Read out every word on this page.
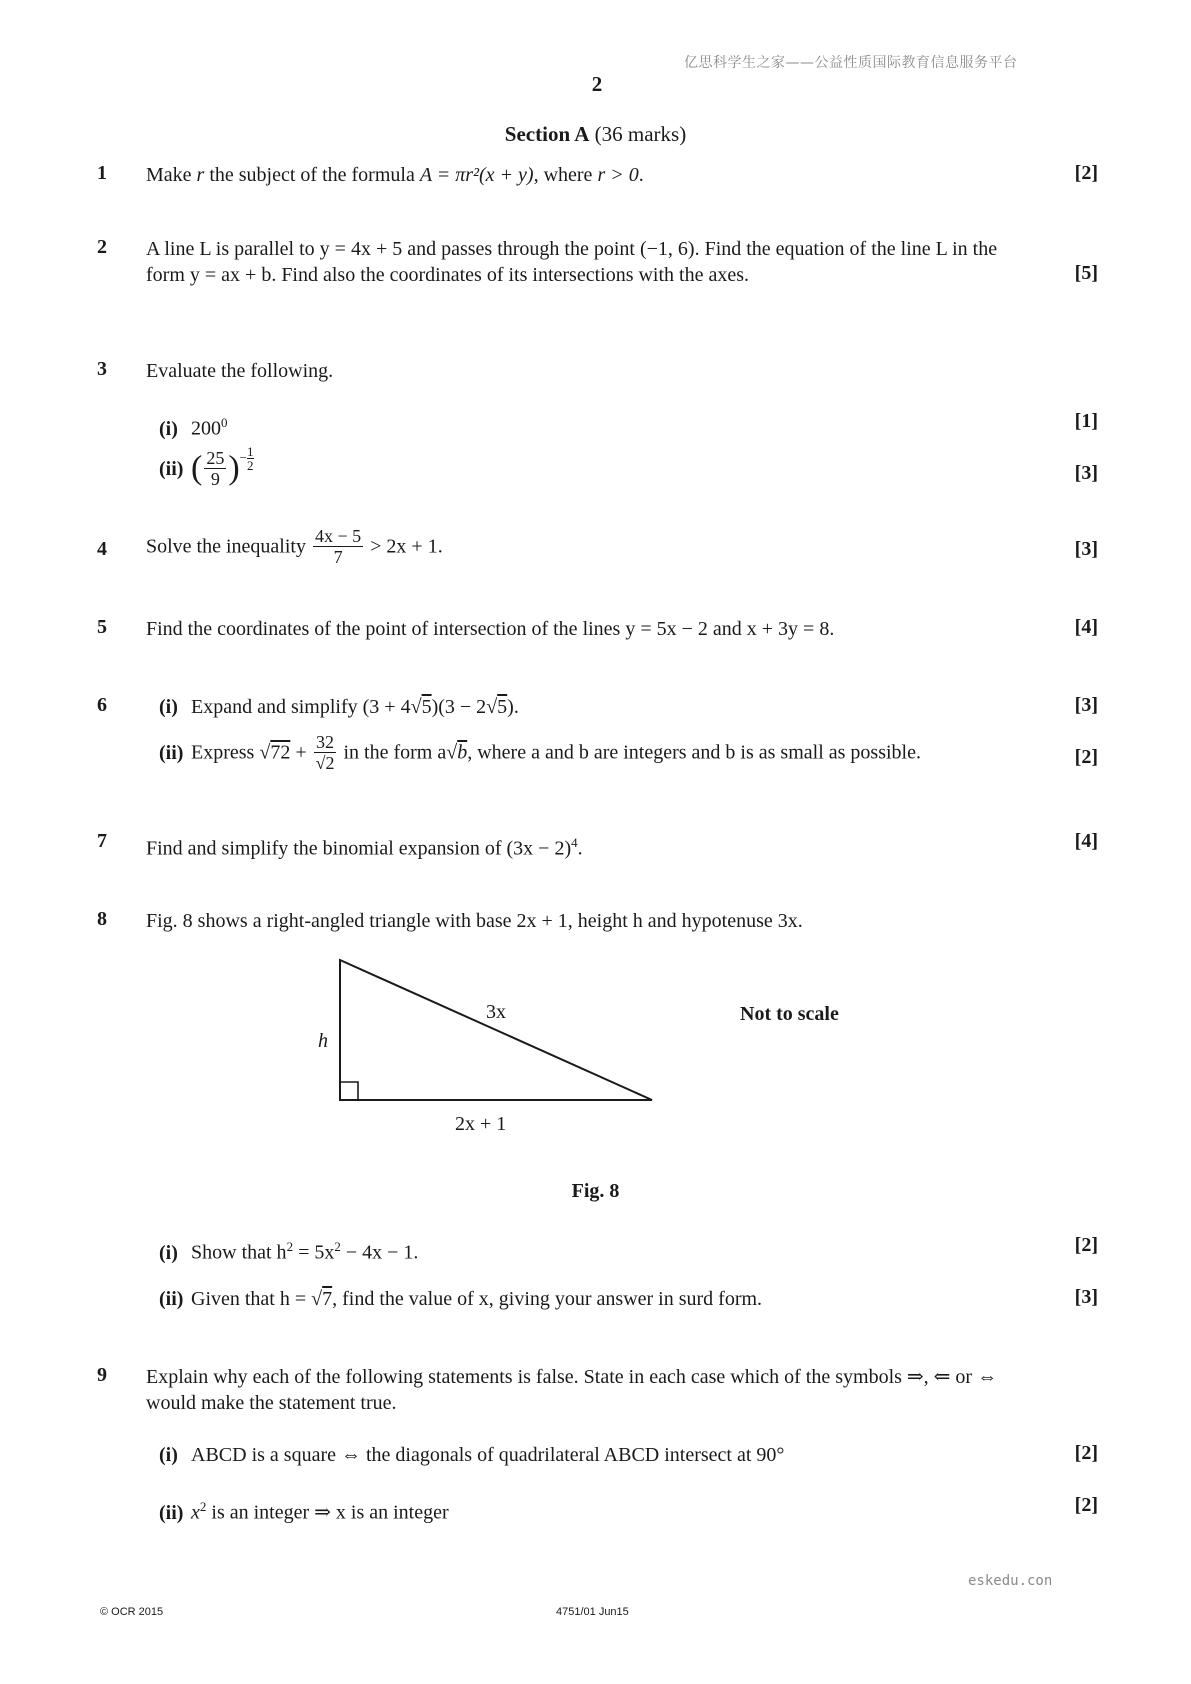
亿思科学生之家——公益性质国际教育信息服务平台
2
Section A (36 marks)
1 Make r the subject of the formula A = πr²(x + y), where r > 0.	[2]
2 A line L is parallel to y = 4x + 5 and passes through the point (−1, 6). Find the equation of the line L in the
form y = ax + b. Find also the coordinates of its intersections with the axes.	[5]
3 Evaluate the following.
(i) $200^0$	[1]
(ii) ( $\frac{25}{9}$ )− $\frac{1}{2}$
[3]
4 Solve the inequality $\frac{4x - 5}{7} > 2x + 1$.	[3]
5 Find the coordinates of the point of intersection of the lines y = 5x − 2 and x + 3y = 8.	[4]
6	(i) Expand and simplify (3 + 4√5)(3 − 2√5).	[3]
(ii) Express $√72 + \frac{32}{√2}$ in the form a√b, where a and b are integers and b is as small as possible.	[2]
7 Find and simplify the binomial expansion of $(3x - 2)^4$.	[4]
8 Fig. 8 shows a right-angled triangle with base 2x + 1, height h and hypotenuse 3x.
h
3x
2x + 1
Not to scale
Fig. 8
(i) Show that $h^2 = 5x^2 - 4x - 1$.	[2]
(ii) Given that h = √7, find the value of x, giving your answer in surd form.	[3]
9 Explain why each of the following statements is false. State in each case which of the symbols ⇒, ⇐ or ⇔
would make the statement true.
(i) ABCD is a square ⇔ the diagonals of quadrilateral ABCD intersect at 90°	[2]
(ii) $x^2$ is an integer ⇒ x is an integer	[2]
eskedu.con
© OCR 2015	4751/01 Jun15
